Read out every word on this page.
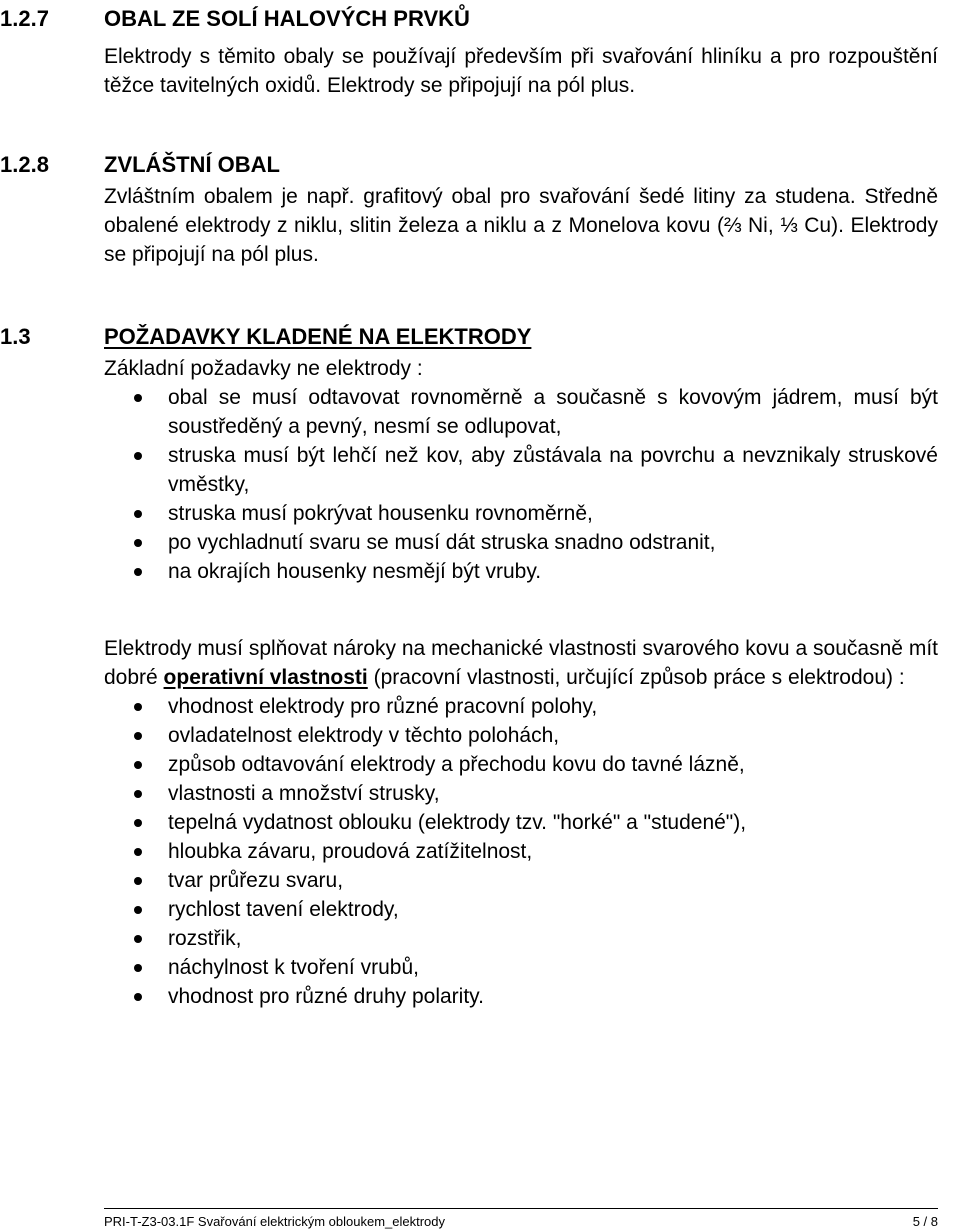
1.2.7	OBAL ZE SOLÍ HALOVÝCH PRVKŮ

Elektrody s těmito obaly se používají především při svařování hliníku a pro rozpouštění těžce tavitelných oxidů. Elektrody se připojují na pól plus.

1.2.8	ZVLÁŠTNÍ OBAL

Zvláštním obalem je např. grafitový obal pro svařování šedé litiny za studena. Středně obalené elektrody z niklu, slitin železa a niklu a z Monelova kovu (⅔ Ni, ⅓ Cu). Elektrody se připojují na pól plus.

1.3	POŽADAVKY KLADENÉ NA ELEKTRODY

Základní požadavky ne elektrody :

obal se musí odtavovat rovnoměrně a současně s kovovým jádrem, musí být soustředěný a pevný, nesmí se odlupovat,
struska musí být lehčí než kov, aby zůstávala na povrchu a nevznikaly struskové vměstky,
struska musí pokrývat housenku rovnoměrně,
po vychladnutí svaru se musí dát struska snadno odstranit,
na okrajích housenky nesmějí být vruby.

Elektrody musí splňovat nároky na mechanické vlastnosti svarového kovu a současně mít dobré operativní vlastnosti (pracovní vlastnosti, určující způsob práce s elektrodou) :

vhodnost elektrody pro různé pracovní polohy,
ovladatelnost elektrody v těchto polohách,
způsob odtavování elektrody a přechodu kovu do tavné lázně,
vlastnosti a množství strusky,
tepelná vydatnost oblouku (elektrody tzv. "horké" a "studené"),
hloubka závaru, proudová zatížitelnost,
tvar průřezu svaru,
rychlost tavení elektrody,
rozstřik,
náchylnost k tvoření vrubů,
vhodnost pro různé druhy polarity.
PRI-T-Z3-03.1F Svařování elektrickým obloukem_elektrody	5 / 8
